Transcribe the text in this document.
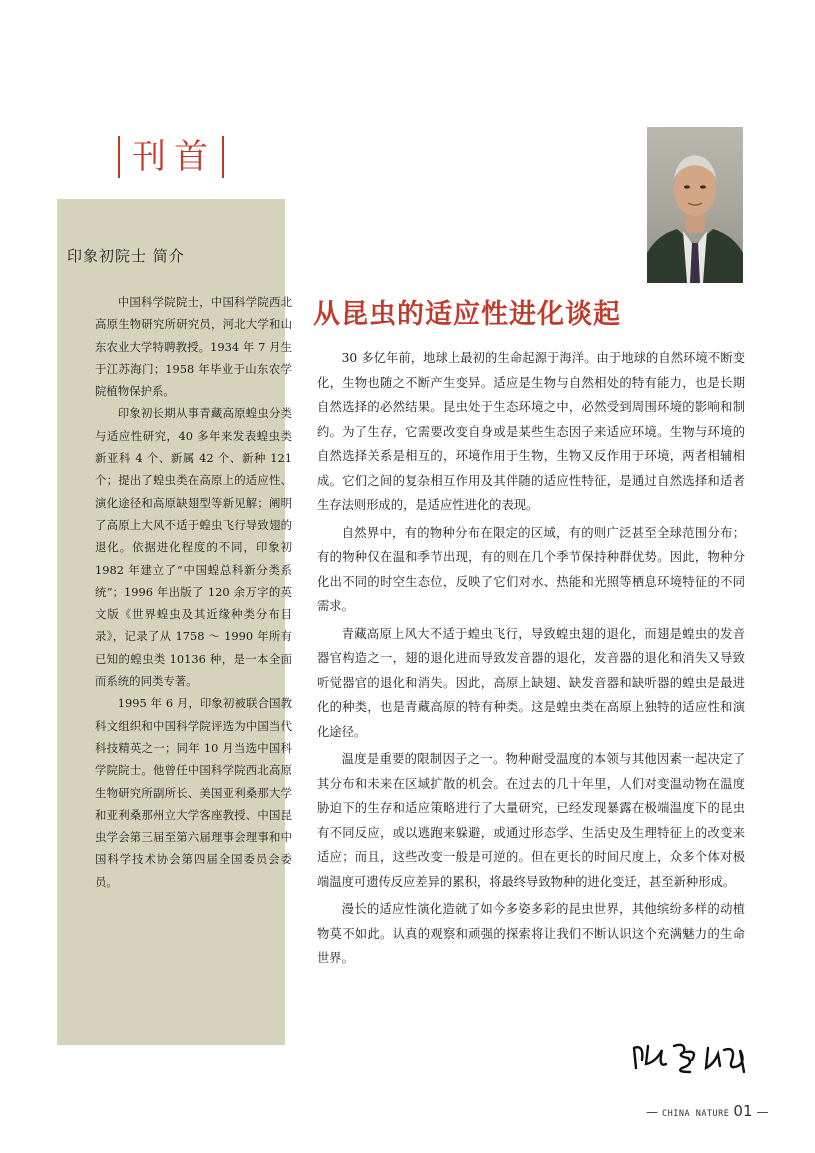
刊首
印象初院士 简介

中国科学院院士，中国科学院西北高原生物研究所研究员，河北大学和山东农业大学特聘教授。1934 年 7 月生于江苏海门；1958 年毕业于山东农学院植物保护系。

印象初长期从事青藏高原蝗虫分类与适应性研究，40 多年来发表蝗虫类新亚科 4 个、新属 42 个、新种 121 个；提出了蝗虫类在高原上的适应性、演化途径和高原缺翅型等新见解；阐明了高原上大风不适于蝗虫飞行导致翅的退化。依据进化程度的不同，印象初 1982 年建立了“中国蝗总科新分类系统”；1996 年出版了 120 余万字的英文版《世界蝗虫及其近缘种类分布目录》，记录了从 1758 ～ 1990 年所有已知的蝗虫类 10136 种，是一本全面而系统的同类专著。

1995 年 6 月，印象初被联合国教科文组织和中国科学院评选为中国当代科技精英之一；同年 10 月当选中国科学院院士。他曾任中国科学院西北高原生物研究所副所长、美国亚利桑那大学和亚利桑那州立大学客座教授、中国昆虫学会第三届至第六届理事会理事和中国科学技术协会第四届全国委员会委员。

从昆虫的适应性进化谈起

30 多亿年前，地球上最初的生命起源于海洋。由于地球的自然环境不断变化，生物也随之不断产生变异。适应是生物与自然相处的特有能力，也是长期自然选择的必然结果。昆虫处于生态环境之中，必然受到周围环境的影响和制约。为了生存，它需要改变自身或是某些生态因子来适应环境。生物与环境的自然选择关系是相互的，环境作用于生物，生物又反作用于环境，两者相辅相成。它们之间的复杂相互作用及其伴随的适应性特征，是通过自然选择和适者生存法则形成的，是适应性进化的表现。

自然界中，有的物种分布在限定的区域，有的则广泛甚至全球范围分布；有的物种仅在温和季节出现，有的则在几个季节保持种群优势。因此，物种分化出不同的时空生态位，反映了它们对水、热能和光照等栖息环境特征的不同需求。

青藏高原上风大不适于蝗虫飞行，导致蝗虫翅的退化，而翅是蝗虫的发音器官构造之一，翅的退化进而导致发音器的退化，发音器的退化和消失又导致听觉器官的退化和消失。因此，高原上缺翅、缺发音器和缺听器的蝗虫是最进化的种类，也是青藏高原的特有种类。这是蝗虫类在高原上独特的适应性和演化途径。

温度是重要的限制因子之一。物种耐受温度的本领与其他因素一起决定了其分布和未来在区域扩散的机会。在过去的几十年里，人们对变温动物在温度胁迫下的生存和适应策略进行了大量研究，已经发现暴露在极端温度下的昆虫有不同反应，或以逃跑来躲避，或通过形态学、生活史及生理特征上的改变来适应；而且，这些改变一般是可逆的。但在更长的时间尺度上，众多个体对极端温度可遗传反应差异的累积，将最终导致物种的进化变迁，甚至新种形成。

漫长的适应性演化造就了如今多姿多彩的昆虫世界，其他缤纷多样的动植物莫不如此。认真的观察和顽强的探索将让我们不断认识这个充满魅力的生命世界。

— CHINA NATURE 01 —
